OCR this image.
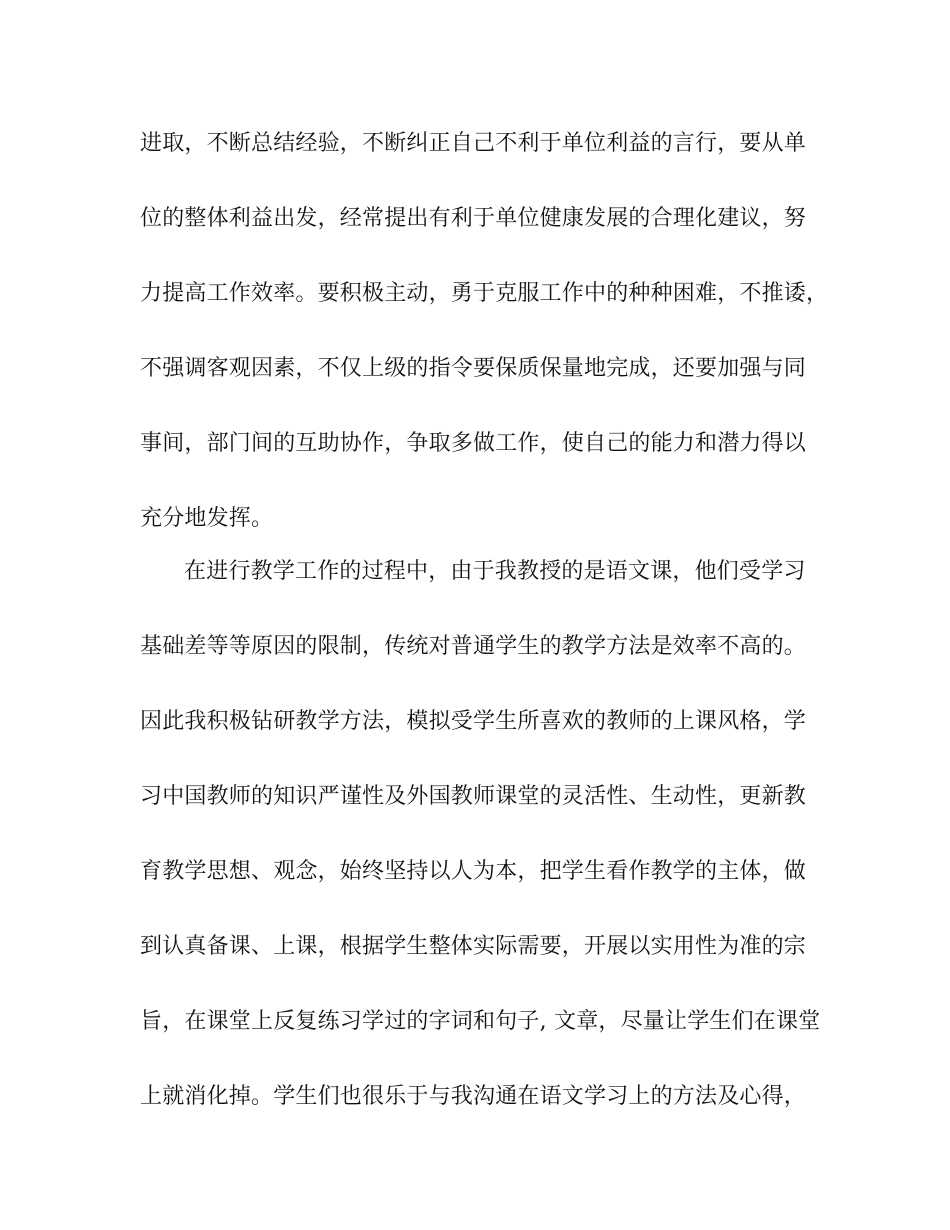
进取，不断总结经验，不断纠正自己不利于单位利益的言行，要从单
位的整体利益出发，经常提出有利于单位健康发展的合理化建议，努
力提高工作效率。要积极主动，勇于克服工作中的种种困难，不推诿，
不强调客观因素，不仅上级的指令要保质保量地完成，还要加强与同
事间，部门间的互助协作，争取多做工作，使自己的能力和潜力得以
充分地发挥。
在进行教学工作的过程中，由于我教授的是语文课，他们受学习
基础差等等原因的限制，传统对普通学生的教学方法是效率不高的。
因此我积极钻研教学方法，模拟受学生所喜欢的教师的上课风格，学
习中国教师的知识严谨性及外国教师课堂的灵活性、生动性，更新教
育教学思想、观念，始终坚持以人为本，把学生看作教学的主体，做
到认真备课、上课，根据学生整体实际需要，开展以实用性为准的宗
旨，在课堂上反复练习学过的字词和句子, 文章，尽量让学生们在课堂
上就消化掉。学生们也很乐于与我沟通在语文学习上的方法及心得，
